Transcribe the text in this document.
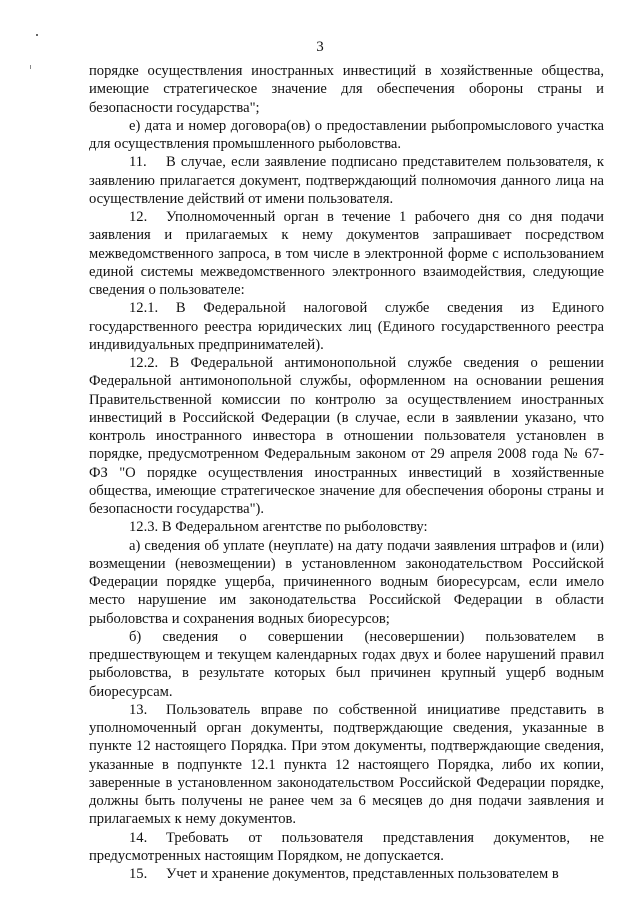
3

порядке осуществления иностранных инвестиций в хозяйственные общества, имеющие стратегическое значение для обеспечения обороны страны и безопасности государства";

е) дата и номер договора(ов) о предоставлении рыбопромыслового участка для осуществления промышленного рыболовства.

11. В случае, если заявление подписано представителем пользователя, к заявлению прилагается документ, подтверждающий полномочия данного лица на осуществление действий от имени пользователя.

12. Уполномоченный орган в течение 1 рабочего дня со дня подачи заявления и прилагаемых к нему документов запрашивает посредством межведомственного запроса, в том числе в электронной форме с использованием единой системы межведомственного электронного взаимодействия, следующие сведения о пользователе:

12.1. В Федеральной налоговой службе сведения из Единого государственного реестра юридических лиц (Единого государственного реестра индивидуальных предпринимателей).

12.2. В Федеральной антимонопольной службе сведения о решении Федеральной антимонопольной службы, оформленном на основании решения Правительственной комиссии по контролю за осуществлением иностранных инвестиций в Российской Федерации (в случае, если в заявлении указано, что контроль иностранного инвестора в отношении пользователя установлен в порядке, предусмотренном Федеральным законом от 29 апреля 2008 года № 67-ФЗ "О порядке осуществления иностранных инвестиций в хозяйственные общества, имеющие стратегическое значение для обеспечения обороны страны и безопасности государства").

12.3. В Федеральном агентстве по рыболовству:

а) сведения об уплате (неуплате) на дату подачи заявления штрафов и (или) возмещении (невозмещении) в установленном законодательством Российской Федерации порядке ущерба, причиненного водным биоресурсам, если имело место нарушение им законодательства Российской Федерации в области рыболовства и сохранения водных биоресурсов;

б) сведения о совершении (несовершении) пользователем в предшествующем и текущем календарных годах двух и более нарушений правил рыболовства, в результате которых был причинен крупный ущерб водным биоресурсам.

13. Пользователь вправе по собственной инициативе представить в уполномоченный орган документы, подтверждающие сведения, указанные в пункте 12 настоящего Порядка. При этом документы, подтверждающие сведения, указанные в подпункте 12.1 пункта 12 настоящего Порядка, либо их копии, заверенные в установленном законодательством Российской Федерации порядке, должны быть получены не ранее чем за 6 месяцев до дня подачи заявления и прилагаемых к нему документов.

14. Требовать от пользователя представления документов, не предусмотренных настоящим Порядком, не допускается.

15. Учет и хранение документов, представленных пользователем в
